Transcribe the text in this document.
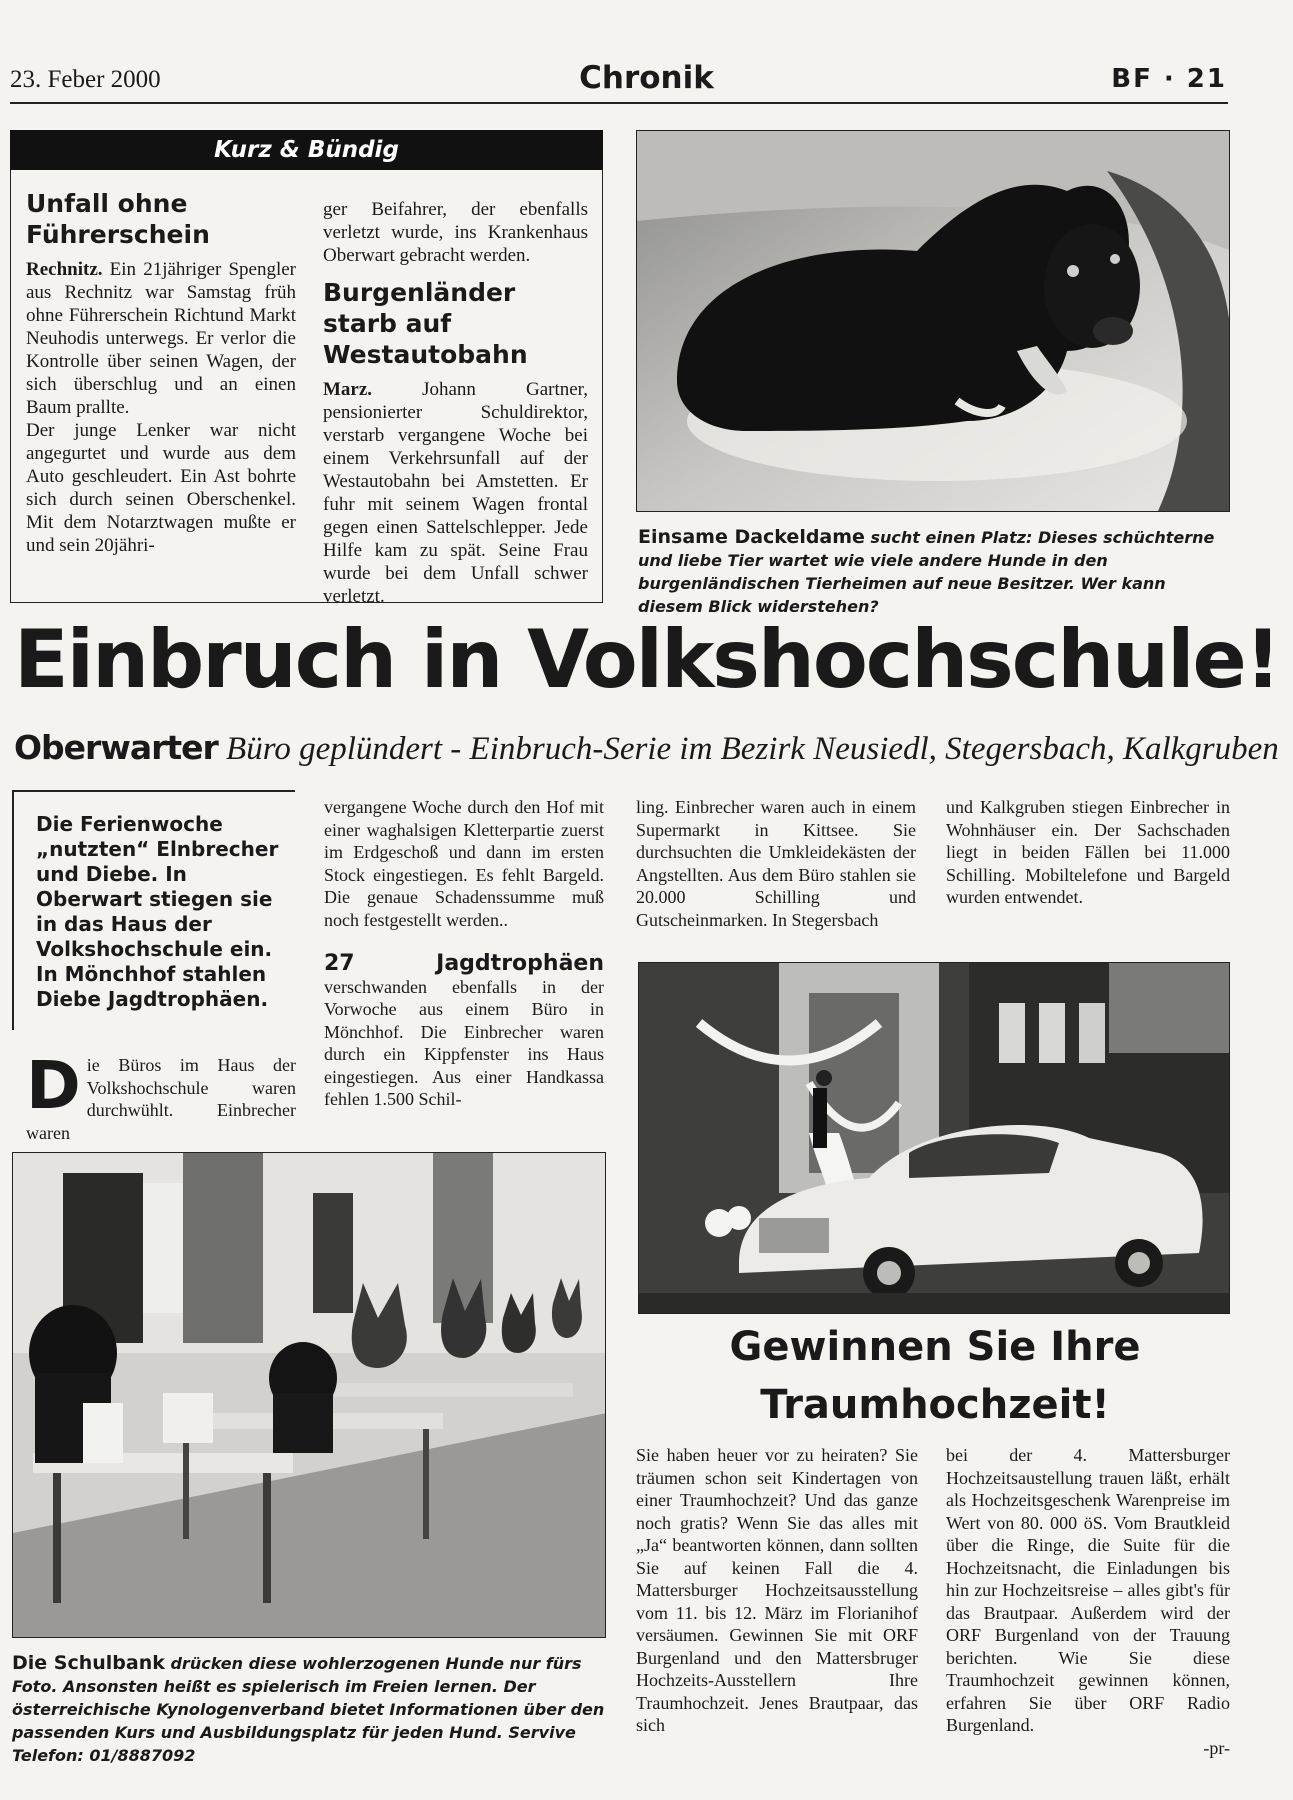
23. Feber 2000	Chronik	BF · 21
Kurz & Bündig
Unfall ohne Führerschein

Rechnitz. Ein 21jähriger Spengler aus Rechnitz war Samstag früh ohne Führerschein Richtund Markt Neuhodis unterwegs. Er verlor die Kontrolle über seinen Wagen, der sich überschlug und an einen Baum prallte.

Der junge Lenker war nicht angegurtet und wurde aus dem Auto geschleudert. Ein Ast bohrte sich durch seinen Oberschenkel. Mit dem Notarztwagen mußte er und sein 20jähri-

ger Beifahrer, der ebenfalls verletzt wurde, ins Krankenhaus Oberwart gebracht werden.

Burgenländer starb auf Westautobahn

Marz.	Johann Gartner, pensionierter Schuldirektor, verstarb vergangene Woche bei einem Verkehrsunfall auf der Westautobahn bei Amstetten. Er fuhr mit seinem Wagen frontal gegen einen Sattelschlepper. Jede Hilfe kam zu spät. Seine Frau wurde bei dem Unfall schwer verletzt.

Einsame Dackeldame sucht einen Platz: Dieses schüchterne und liebe Tier wartet wie viele andere Hunde in den burgenländischen Tierheimen auf neue Besitzer. Wer kann diesem Blick widerstehen?
Einbruch in Volkshochschule!
Oberwarter Büro geplündert - Einbruch-Serie im Bezirk Neusiedl, Stegersbach, Kalkgruben
Die Ferienwoche „nutzten“ Elnbrecher und Diebe. In Oberwart stiegen sie in das Haus der Volkshochschule ein. In Mönchhof stahlen Diebe Jagdtrophäen.
Die Büros im Haus der Volkshochschule waren durchwühlt. Einbrecher waren

vergangene Woche durch den Hof mit einer waghalsigen Kletterpartie zuerst im Erdgeschoß und dann im ersten Stock eingestiegen. Es fehlt Bargeld. Die genaue Schadenssumme muß noch festgestellt werden..

27 Jagdtrophäen verschwanden ebenfalls in der Vorwoche aus einem Büro in Mönchhof. Die Einbrecher waren durch ein Kippfenster ins Haus eingestiegen. Aus einer Handkassa fehlen 1.500 Schil-

ling. Einbrecher waren auch in einem Supermarkt in Kittsee. Sie durchsuchten die Umkleidekästen der Angstellten. Aus dem Büro stahlen sie 20.000 Schilling und Gutscheinmarken. In Stegersbach
und Kalkgruben stiegen Einbrecher in Wohnhäuser ein. Der Sachschaden liegt in beiden Fällen bei 11.000 Schilling. Mobiltelefone und Bargeld wurden entwendet.
Gewinnen Sie Ihre Traumhochzeit!
Sie haben heuer vor zu heiraten? Sie träumen schon seit Kindertagen von einer Traumhochzeit? Und das ganze noch gratis? Wenn Sie das alles mit „Ja“ beantworten können, dann sollten Sie auf keinen Fall die 4. Mattersburger Hochzeitsausstellung vom 11. bis 12. März im Florianihof versäumen. Gewinnen Sie mit ORF Burgenland und den Mattersbruger Hochzeits-Ausstellern Ihre Traumhochzeit. Jenes Brautpaar, das sich

bei der 4. Mattersburger Hochzeitsaustellung trauen läßt, erhält als Hochzeitsgeschenk Warenpreise im Wert von 80. 000 öS. Vom Brautkleid über die Ringe, die Suite für die Hochzeitsnacht, die Einladungen bis hin zur Hochzeitsreise – alles gibt's für das Brautpaar. Außerdem wird der ORF Burgenland von der Trauung berichten. Wie Sie diese Traumhochzeit gewinnen können, erfahren Sie über ORF Radio Burgenland.

-pr-

Die Schulbank drücken diese wohlerzogenen Hunde nur fürs Foto. Ansonsten heißt es spielerisch im Freien lernen. Der österreichische Kynologenverband bietet Informationen über den passenden Kurs und Ausbildungsplatz für jeden Hund. Servive Telefon: 01/8887092
